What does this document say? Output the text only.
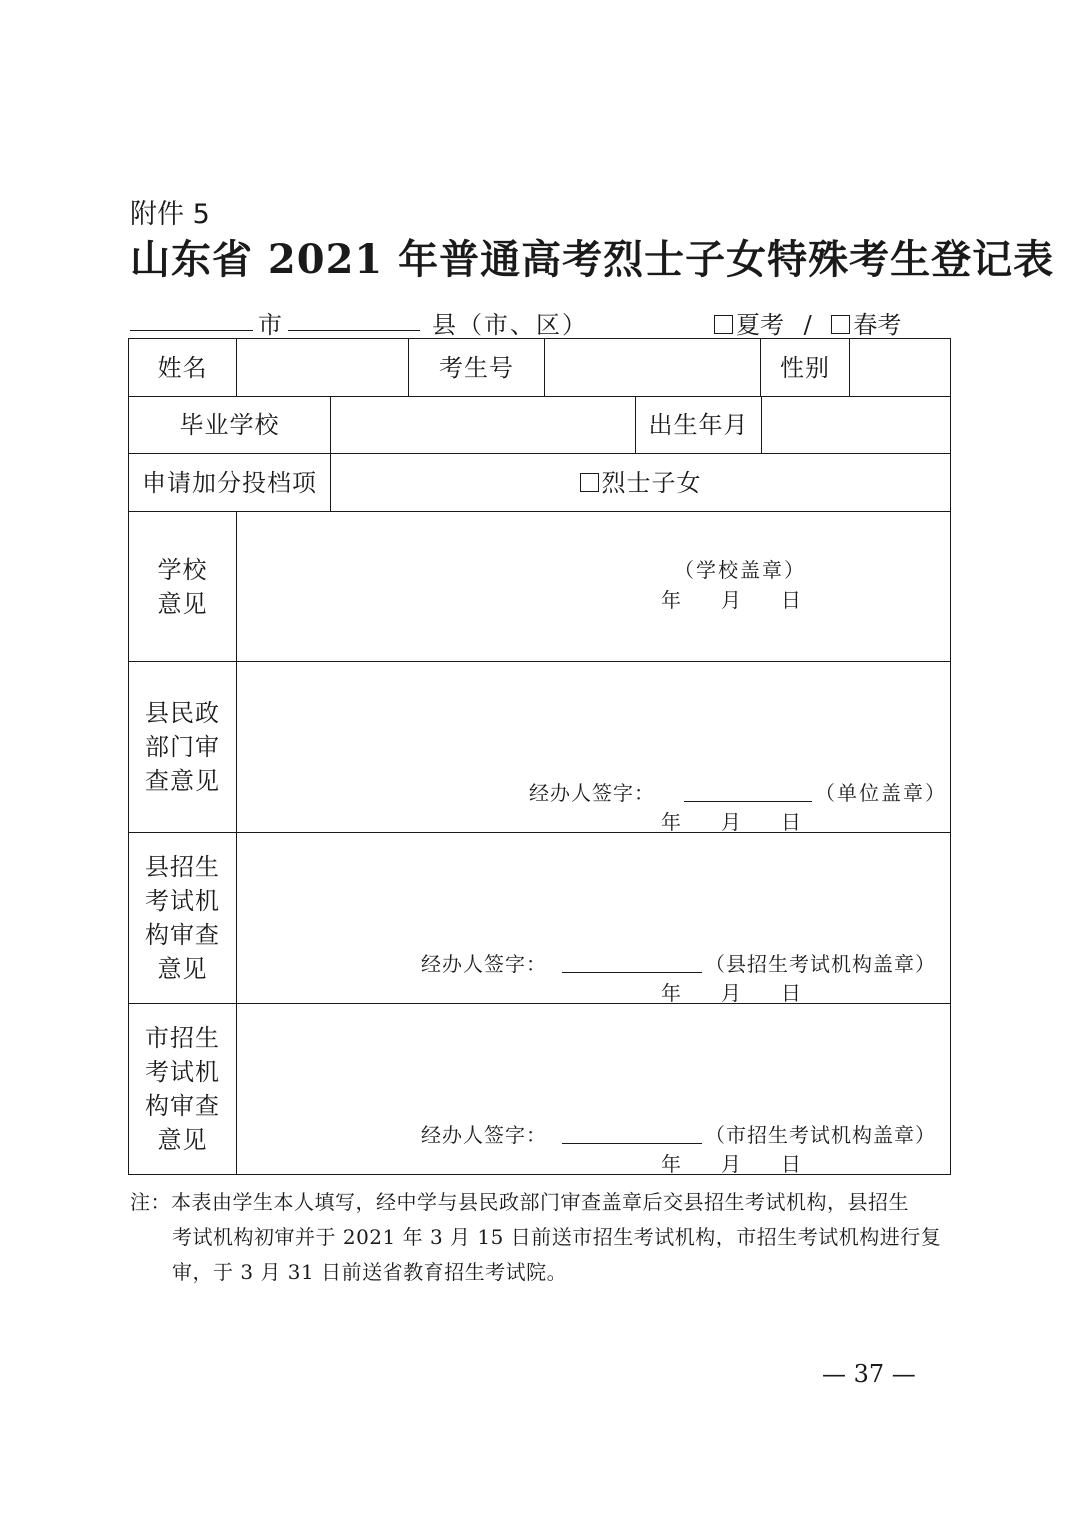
附件 5
山东省 2021 年普通高考烈士子女特殊考生登记表
市	县（市、区）	夏考 / 春考
姓名	考生号	性别
毕业学校	出生年月
申请加分投档项	烈士子女
学校
意见
（学校盖章）
年　　月　　日
县民政
部门审
查意见	经办人签字：	（单位盖章）
年　　月　　日
县招生
考试机
构审查
意见	经办人签字：	（县招生考试机构盖章）
年　　月　　日
市招生
考试机
构审查
意见	经办人签字：	（市招生考试机构盖章）
年　　月　　日
注：本表由学生本人填写，经中学与县民政部门审查盖章后交县招生考试机构，县招生
考试机构初审并于 2021 年 3 月 15 日前送市招生考试机构，市招生考试机构进行复
审，于 3 月 31 日前送省教育招生考试院。
— 37 —
